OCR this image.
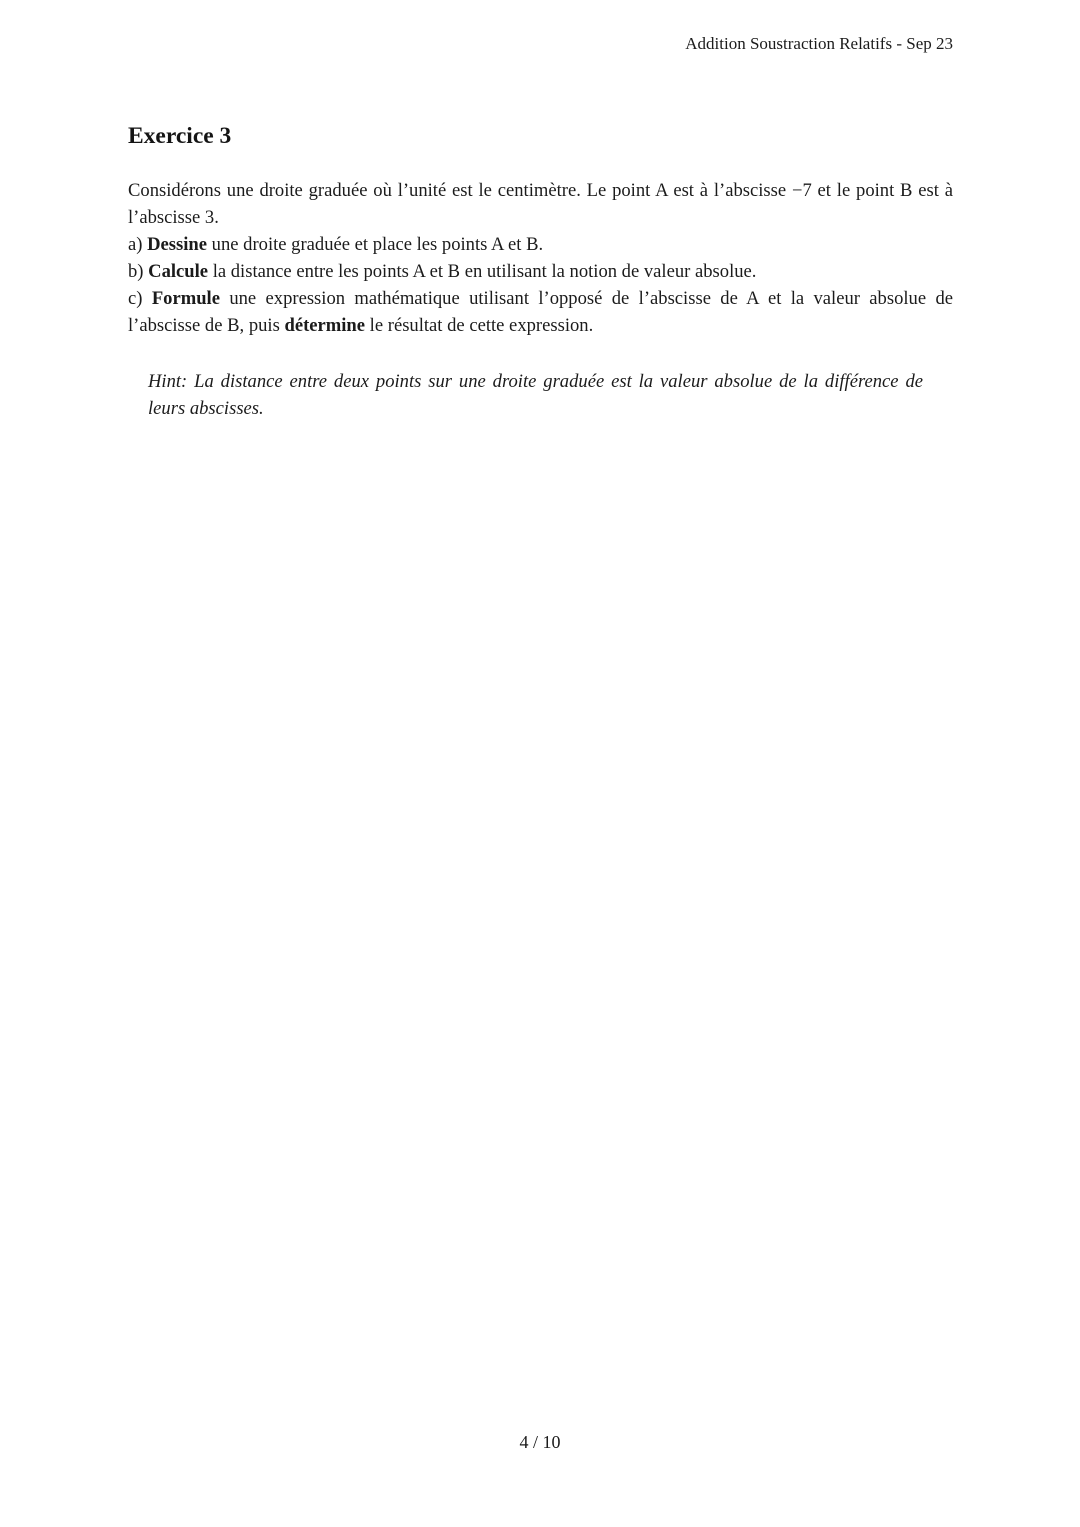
Addition Soustraction Relatifs - Sep 23
Exercice 3

Considérons une droite graduée où l’unité est le centimètre. Le point A est à l’abscisse −7 et le point B est à l’abscisse 3.

a) Dessine une droite graduée et place les points A et B.

b) Calcule la distance entre les points A et B en utilisant la notion de valeur absolue.

c) Formule une expression mathématique utilisant l’opposé de l’abscisse de A et la valeur absolue de l’abscisse de B, puis détermine le résultat de cette expression.

Hint: La distance entre deux points sur une droite graduée est la valeur absolue de la différence de leurs abscisses.

4 / 10
